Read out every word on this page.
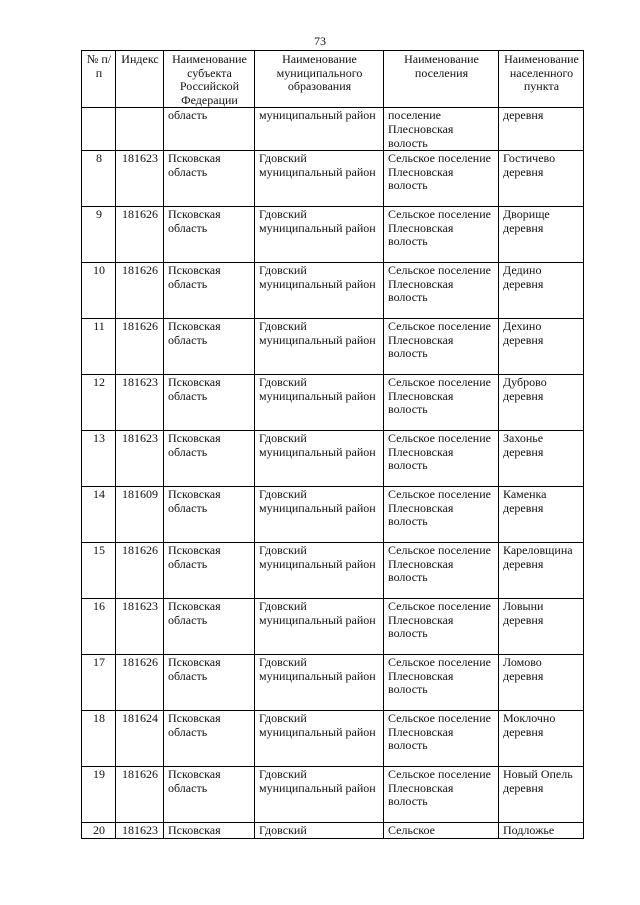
73
№ п/п	Индекс	Наименование субъекта Российской Федерации	Наименование муниципального образования	Наименование поселения	Наименование населенного пункта
		область	муниципальный район	поселение Плесновская волость	деревня
8	181623	Псковская область	Гдовский муниципальный район	Сельское поселение Плесновская волость	Гостичево деревня
9	181626	Псковская область	Гдовский муниципальный район	Сельское поселение Плесновская волость	Дворище деревня
10	181626	Псковская область	Гдовский муниципальный район	Сельское поселение Плесновская волость	Дедино деревня
11	181626	Псковская область	Гдовский муниципальный район	Сельское поселение Плесновская волость	Дехино деревня
12	181623	Псковская область	Гдовский муниципальный район	Сельское поселение Плесновская волость	Дуброво деревня
13	181623	Псковская область	Гдовский муниципальный район	Сельское поселение Плесновская волость	Захонье деревня
14	181609	Псковская область	Гдовский муниципальный район	Сельское поселение Плесновская волость	Каменка деревня
15	181626	Псковская область	Гдовский муниципальный район	Сельское поселение Плесновская волость	Кареловщина деревня
16	181623	Псковская область	Гдовский муниципальный район	Сельское поселение Плесновская волость	Ловыни деревня
17	181626	Псковская область	Гдовский муниципальный район	Сельское поселение Плесновская волость	Ломово деревня
18	181624	Псковская область	Гдовский муниципальный район	Сельское поселение Плесновская волость	Моклочно деревня
19	181626	Псковская область	Гдовский муниципальный район	Сельское поселение Плесновская волость	Новый Опель деревня
20	181623	Псковская	Гдовский	Сельское	Подложье
